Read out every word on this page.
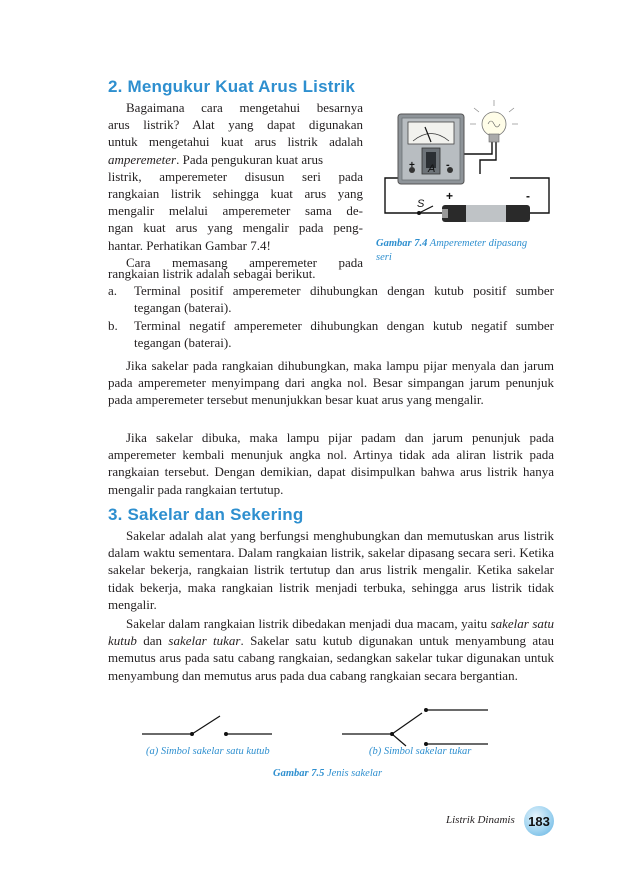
2. Mengukur Kuat Arus Listrik
Bagaimana cara mengetahui besarnya
arus listrik? Alat yang dapat digunakan
untuk mengetahui kuat arus listrik adalah
amperemeter. Pada pengukuran kuat arus
listrik, amperemeter disusun seri pada
rangkaian listrik sehingga kuat arus yang
mengalir melalui amperemeter sama de-
ngan kuat arus yang mengalir pada peng-
hantar. Perhatikan Gambar 7.4!
Cara memasang amperemeter pada
rangkaian listrik adalah sebagai berikut.
+	-
A
S
+	-
Gambar 7.4 Amperemeter dipasang
seri
a. Terminal positif amperemeter dihubungkan dengan kutub positif sumber tegangan (baterai).
b. Terminal negatif amperemeter dihubungkan dengan kutub negatif sumber tegangan (baterai).

Jika sakelar pada rangkaian dihubungkan, maka lampu pijar menyala dan jarum pada amperemeter menyimpang dari angka nol. Besar simpangan jarum penunjuk pada amperemeter tersebut menunjukkan besar kuat arus yang mengalir.

Jika sakelar dibuka, maka lampu pijar padam dan jarum penunjuk pada amperemeter kembali menunjuk angka nol. Artinya tidak ada aliran listrik pada rangkaian tersebut. Dengan demikian, dapat disimpulkan bahwa arus listrik hanya mengalir pada rangkaian tertutup.

3. Sakelar dan Sekering

Sakelar adalah alat yang berfungsi menghubungkan dan memutuskan arus listrik dalam waktu sementara. Dalam rangkaian listrik, sakelar dipasang secara seri. Ketika sakelar bekerja, rangkaian listrik tertutup dan arus listrik mengalir. Ketika sakelar tidak bekerja, maka rangkaian listrik menjadi terbuka, sehingga arus listrik tidak mengalir.

Sakelar dalam rangkaian listrik dibedakan menjadi dua macam, yaitu sakelar satu kutub dan sakelar tukar. Sakelar satu kutub digunakan untuk menyambung atau memutus arus pada satu cabang rangkaian, sedangkan sakelar tukar digunakan untuk menyambung dan memutus arus pada dua cabang rangkaian secara bergantian.

(a) Simbol sakelar satu kutub	(b) Simbol sakelar tukar
Gambar 7.5 Jenis sakelar
Listrik Dinamis	183
